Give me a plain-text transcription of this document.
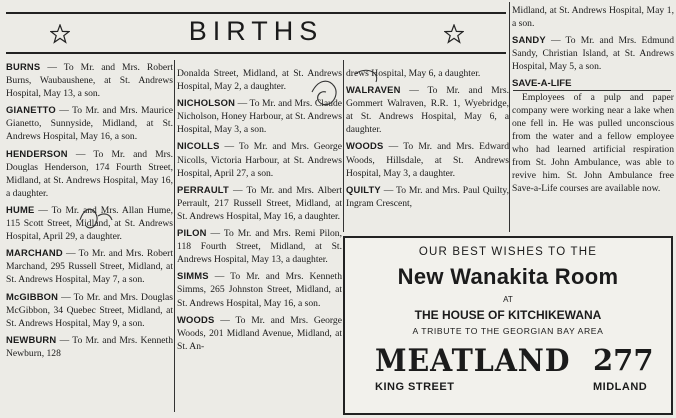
BIRTHS

BURNS — To Mr. and Mrs. Robert Burns, Waubaushene, at St. Andrews Hospital, May 13, a son.

GIANETTO — To Mr. and Mrs. Maurice Gianetto, Sunnyside, Midland, at St. Andrews Hospital, May 16, a son.

HENDERSON — To Mr. and Mrs. Douglas Henderson, 174 Fourth Street, Midland, at St. Andrews Hospital, May 16, a daughter.

HUME — To Mr. and Mrs. Allan Hume, 115 Scott Street, Midland, at St. Andrews Hospital, April 29, a daughter.

MARCHAND — To Mr. and Mrs. Robert Marchand, 295 Russell Street, Midland, at St. Andrews Hospital, May 7, a son.

McGIBBON — To Mr. and Mrs. Douglas McGibbon, 34 Quebec Street, Midland, at St. Andrews Hospital, May 9, a son.

NEWBURN — To Mr. and Mrs. Kenneth Newburn, 128

Donalda Street, Midland, at St. Andrews Hospital, May 2, a daughter.

NICHOLSON — To Mr. and Mrs. Claude Nicholson, Honey Harbour, at St. Andrews Hospital, May 3, a son.

NICOLLS — To Mr. and Mrs. George Nicolls, Victoria Harbour, at St. Andrews Hospital, April 27, a son.

PERRAULT — To Mr. and Mrs. Albert Perrault, 217 Russell Street, Midland, at St. Andrews Hospital, May 16, a daughter.

PILON — To Mr. and Mrs. Remi Pilon, 118 Fourth Street, Midland, at St. Andrews Hospital, May 13, a daughter.

SIMMS — To Mr. and Mrs. Kenneth Simms, 265 Johnston Street, Midland, at St. Andrews Hospital, May 16, a son.

WOODS — To Mr. and Mrs. George Woods, 201 Midland Avenue, Midland, at St. An-

drews Hospital, May 6, a daughter.

WALRAVEN — To Mr. and Mrs. Gommert Walraven, R.R. 1, Wyebridge, at St. Andrews Hospital, May 6, a daughter.

WOODS — To Mr. and Mrs. Edward Woods, Hillsdale, at St. Andrews Hospital, May 3, a daughter.

QUILTY — To Mr. and Mrs. Paul Quilty, Ingram Crescent,

Midland, at St. Andrews Hospital, May 1, a son.

SANDY — To Mr. and Mrs. Edmund Sandy, Christian Island, at St. Andrews Hospital, May 5, a son.

SAVE-A-LIFE

Employees of a pulp and paper company were working near a lake when one fell in. He was pulled unconscious from the water and a fellow employee who had learned artificial respiration from St. John Ambulance, was able to revive him. St. John Ambulance free Save-a-Life courses are available now.

OUR BEST WISHES TO THE
New Wanakita Room
AT
THE HOUSE OF KITCHIKEWANA
A TRIBUTE TO THE GEORGIAN BAY AREA
MEATLAND 277
KING STREET	MIDLAND
